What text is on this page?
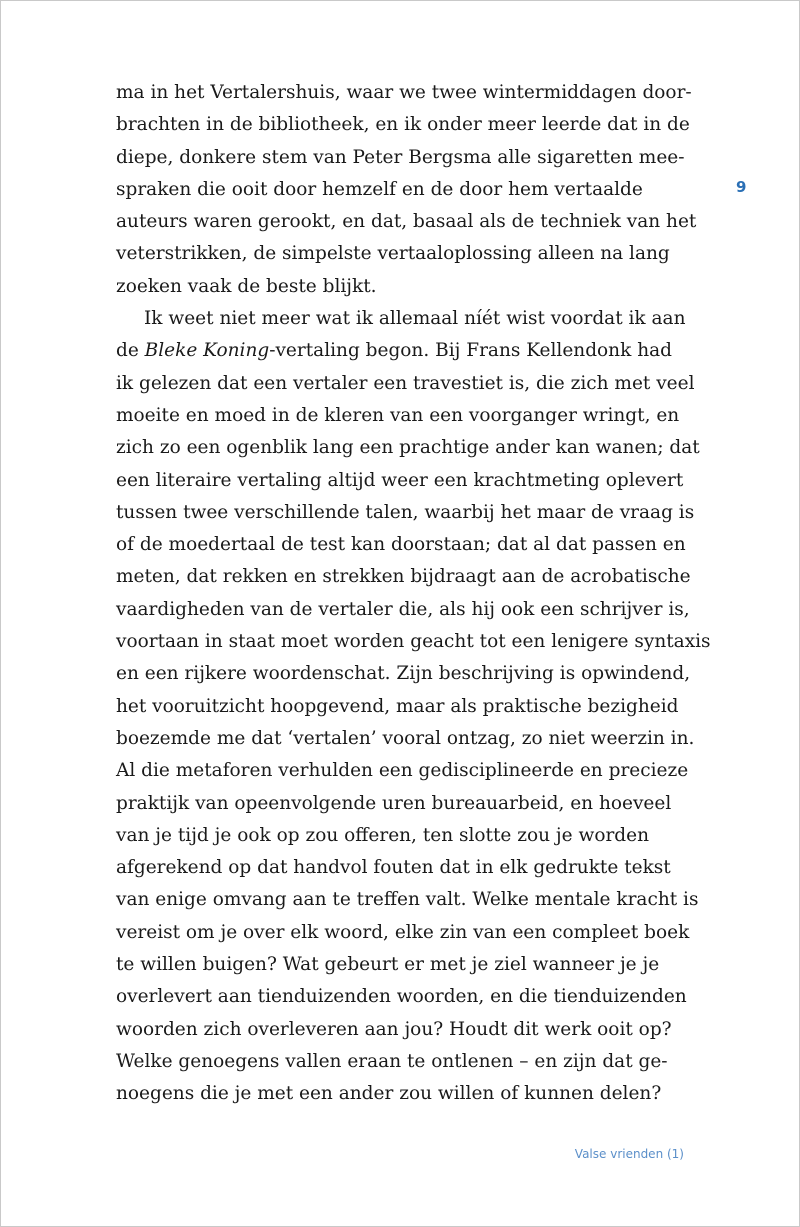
ma in het Vertalershuis, waar we twee wintermiddagen door-
brachten in de bibliotheek, en ik onder meer leerde dat in de
diepe, donkere stem van Peter Bergsma alle sigaretten mee-
spraken die ooit door hemzelf en de door hem vertaalde
auteurs waren gerookt, en dat, basaal als de techniek van het
veterstrikken, de simpelste vertaaloplossing alleen na lang
zoeken vaak de beste blijkt.
Ik weet niet meer wat ik allemaal níét wist voordat ik aan
de Bleke Koning-vertaling begon. Bij Frans Kellendonk had
ik gelezen dat een vertaler een travestiet is, die zich met veel
moeite en moed in de kleren van een voorganger wringt, en
zich zo een ogenblik lang een prachtige ander kan wanen; dat
een literaire vertaling altijd weer een krachtmeting oplevert
tussen twee verschillende talen, waarbij het maar de vraag is
of de moedertaal de test kan doorstaan; dat al dat passen en
meten, dat rekken en strekken bijdraagt aan de acrobatische
vaardigheden van de vertaler die, als hij ook een schrijver is,
voortaan in staat moet worden geacht tot een lenigere syntaxis
en een rijkere woordenschat. Zijn beschrijving is opwindend,
het vooruitzicht hoopgevend, maar als praktische bezigheid
boezemde me dat ‘vertalen’ vooral ontzag, zo niet weerzin in.
Al die metaforen verhulden een gedisciplineerde en precieze
praktijk van opeenvolgende uren bureauarbeid, en hoeveel
van je tijd je ook op zou offeren, ten slotte zou je worden
afgerekend op dat handvol fouten dat in elk gedrukte tekst
van enige omvang aan te treffen valt. Welke mentale kracht is
vereist om je over elk woord, elke zin van een compleet boek
te willen buigen? Wat gebeurt er met je ziel wanneer je je
overlevert aan tienduizenden woorden, en die tienduizenden
woorden zich overleveren aan jou? Houdt dit werk ooit op?
Welke genoegens vallen eraan te ontlenen – en zijn dat ge-
noegens die je met een ander zou willen of kunnen delen?
9
Valse vrienden (1)
